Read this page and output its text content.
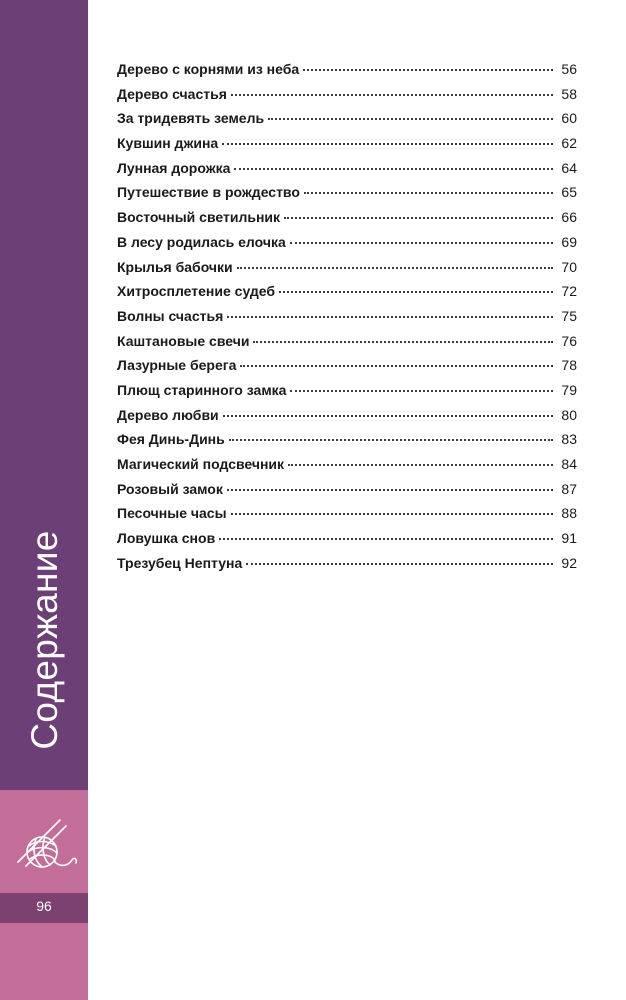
Содержание
96
Дерево с корнями из неба	56
Дерево счастья	58
За тридевять земель	60
Кувшин джина	62
Лунная дорожка	64
Путешествие в рождество	65
Восточный светильник	66
В лесу родилась елочка	69
Крылья бабочки	70
Хитросплетение судеб	72
Волны счастья	75
Каштановые свечи	76
Лазурные берега	78
Плющ старинного замка	79
Дерево любви	80
Фея Динь-Динь	83
Магический подсвечник	84
Розовый замок	87
Песочные часы	88
Ловушка снов	91
Трезубец Нептуна	92
